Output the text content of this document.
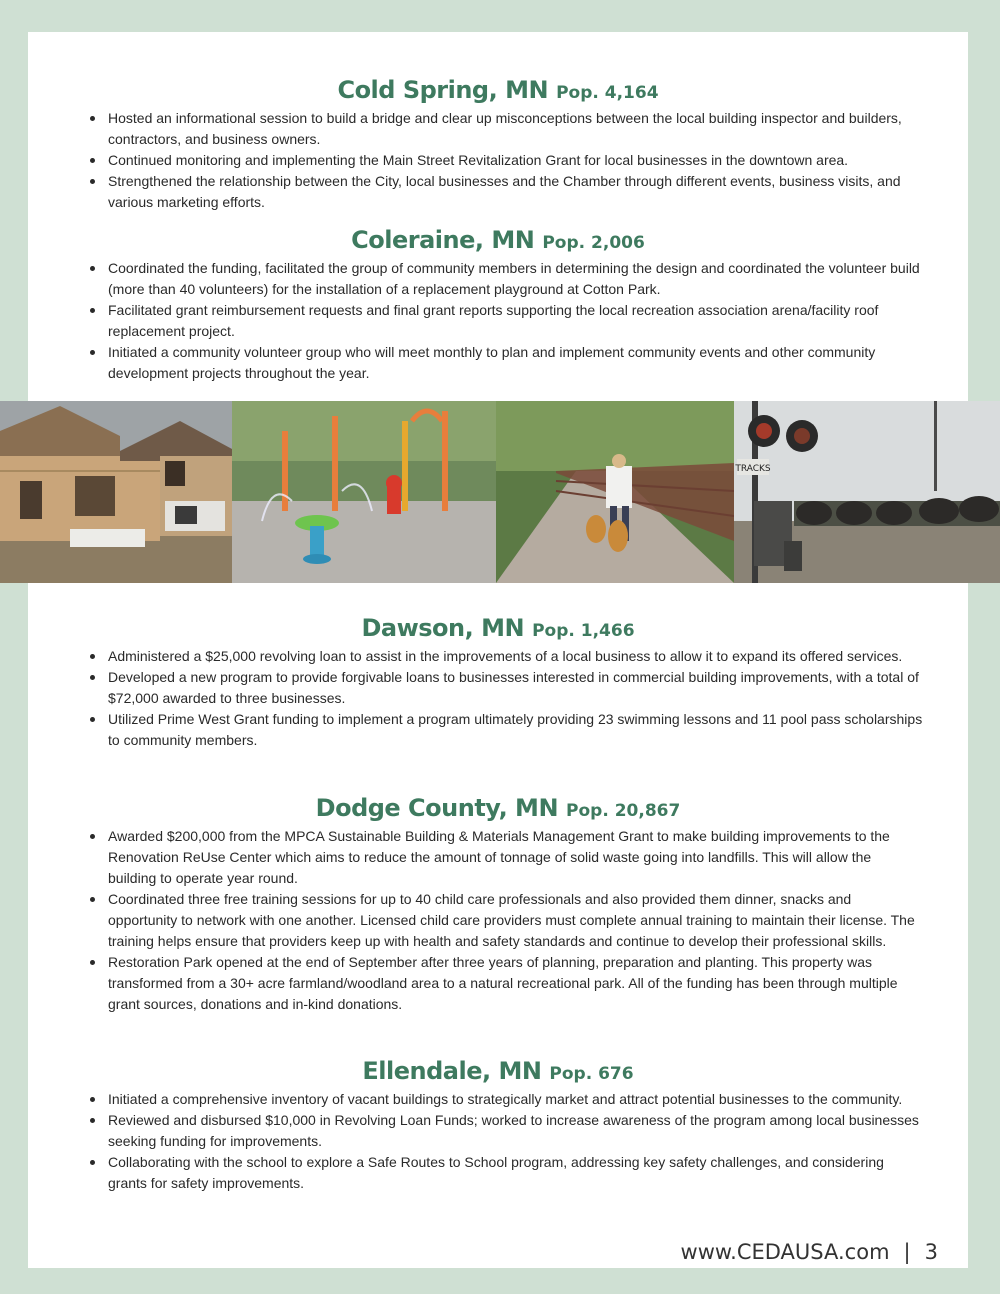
Cold Spring, MN Pop. 4,164
Hosted an informational session to build a bridge and clear up misconceptions between the local building inspector and builders, contractors, and business owners.
Continued monitoring and implementing the Main Street Revitalization Grant for local businesses in the downtown area.
Strengthened the relationship between the City, local businesses and the Chamber through different events, business visits, and various marketing efforts.
Coleraine, MN Pop. 2,006
Coordinated the funding, facilitated the group of community members in determining the design and coordinated the volunteer build (more than 40 volunteers) for the installation of a replacement playground at Cotton Park.
Facilitated grant reimbursement requests and final grant reports supporting the local recreation association arena/facility roof replacement project.
Initiated a community volunteer group who will meet monthly to plan and implement community events and other community development projects throughout the year.
Dawson, MN Pop. 1,466
Administered a $25,000 revolving loan to assist in the improvements of a local business to allow it to expand its offered services.
Developed a new program to provide forgivable loans to businesses interested in commercial building improvements, with a total of $72,000 awarded to three businesses.
Utilized Prime West Grant funding to implement a program ultimately providing 23 swimming lessons and 11 pool pass scholarships to community members.
Dodge County, MN Pop. 20,867
Awarded $200,000 from the MPCA Sustainable Building & Materials Management Grant to make building improvements to the Renovation ReUse Center which aims to reduce the amount of tonnage of solid waste going into landfills. This will allow the building to operate year round.
Coordinated three free training sessions for up to 40 child care professionals and also provided them dinner, snacks and opportunity to network with one another. Licensed child care providers must complete annual training to maintain their license. The training helps ensure that providers keep up with health and safety standards and continue to develop their professional skills.
Restoration Park opened at the end of September after three years of planning, preparation and planting. This property was transformed from a 30+ acre farmland/woodland area to a natural recreational park. All of the funding has been through multiple grant sources, donations and in-kind donations.
Ellendale, MN Pop. 676
Initiated a comprehensive inventory of vacant buildings to strategically market and attract potential businesses to the community.
Reviewed and disbursed $10,000 in Revolving Loan Funds; worked to increase awareness of the program among local businesses seeking funding for improvements.
Collaborating with the school to explore a Safe Routes to School program, addressing key safety challenges, and considering grants for safety improvements.
TRACKS
www.CEDAUSA.com | 3
